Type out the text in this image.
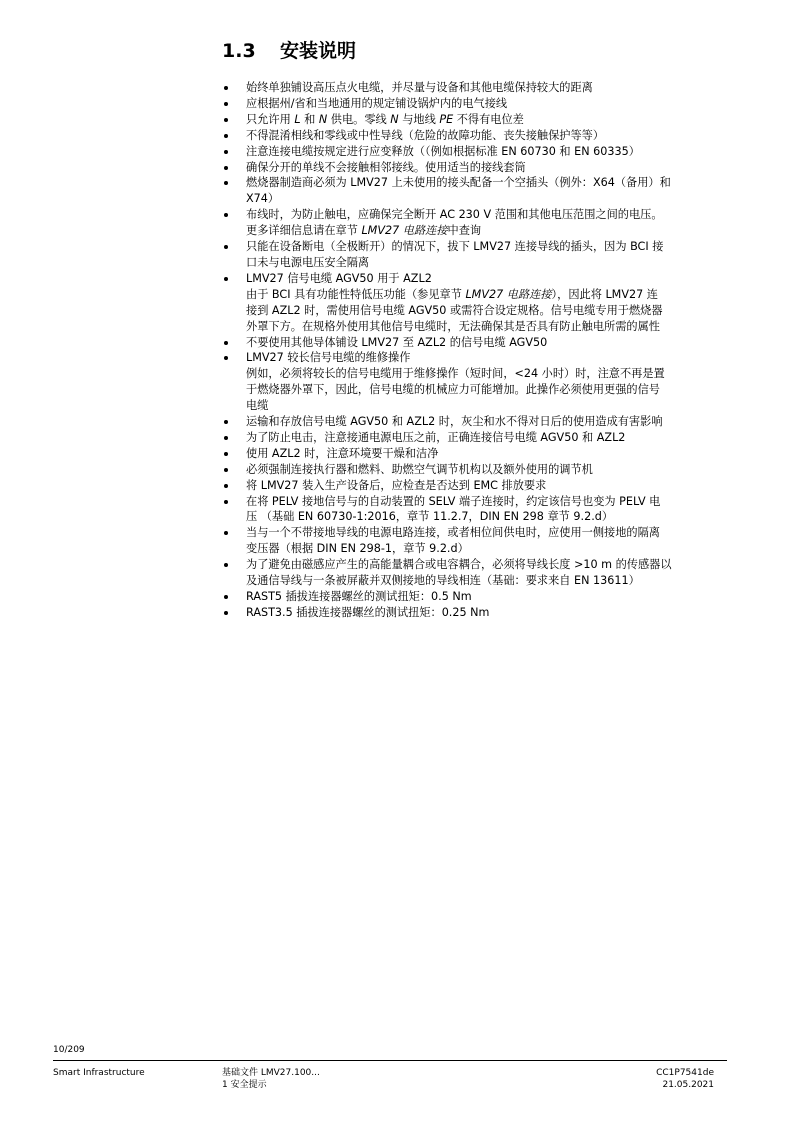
1.3	安装说明
始终单独铺设高压点火电缆，并尽量与设备和其他电缆保持较大的距离
应根据州/省和当地通用的规定铺设锅炉内的电气接线
只允许用 L 和 N 供电。零线 N 与地线 PE 不得有电位差
不得混淆相线和零线或中性导线（危险的故障功能、丧失接触保护等等）
注意连接电缆按规定进行应变释放（（例如根据标准 EN 60730 和 EN 60335）
确保分开的单线不会接触相邻接线。使用适当的接线套筒
燃烧器制造商必须为 LMV27 上未使用的接头配备一个空插头（例外：X64（备用）和
X74）
布线时，为防止触电，应确保完全断开 AC 230 V 范围和其他电压范围之间的电压。
更多详细信息请在章节 LMV27 电路连接中查询
只能在设备断电（全极断开）的情况下，拔下 LMV27 连接导线的插头，因为 BCI 接
口未与电源电压安全隔离
LMV27 信号电缆 AGV50 用于 AZL2
由于 BCI 具有功能性特低压功能（参见章节 LMV27 电路连接），因此将 LMV27 连
接到 AZL2 时，需使用信号电缆 AGV50 或需符合设定规格。信号电缆专用于燃烧器
外罩下方。在规格外使用其他信号电缆时，无法确保其是否具有防止触电所需的属性
不要使用其他导体铺设 LMV27 至 AZL2 的信号电缆 AGV50
LMV27 较长信号电缆的维修操作
例如，必须将较长的信号电缆用于维修操作（短时间，<24 小时）时，注意不再是置
于燃烧器外罩下，因此，信号电缆的机械应力可能增加。此操作必须使用更强的信号
电缆
运输和存放信号电缆 AGV50 和 AZL2 时，灰尘和水不得对日后的使用造成有害影响
为了防止电击，注意接通电源电压之前，正确连接信号电缆 AGV50 和 AZL2
使用 AZL2 时，注意环境要干燥和洁净
必须强制连接执行器和燃料、助燃空气调节机构以及额外使用的调节机
将 LMV27 装入生产设备后，应检查是否达到 EMC 排放要求
在将 PELV 接地信号与的自动装置的 SELV 端子连接时，约定该信号也变为 PELV 电
压 （基础 EN 60730-1:2016，章节 11.2.7，DIN EN 298 章节 9.2.d）
当与一个不带接地导线的电源电路连接，或者相位间供电时，应使用一侧接地的隔离
变压器（根据 DIN EN 298-1，章节 9.2.d）
为了避免由磁感应产生的高能量耦合或电容耦合，必须将导线长度 >10 m 的传感器以
及通信导线与一条被屏蔽并双侧接地的导线相连（基础：要求来自 EN 13611）
RAST5 插拔连接器螺丝的测试扭矩：0.5 Nm
RAST3.5 插拔连接器螺丝的测试扭矩：0.25 Nm
10/209
Smart Infrastructure	基础文件 LMV27.100...
1 安全提示
CC1P7541de
21.05.2021
